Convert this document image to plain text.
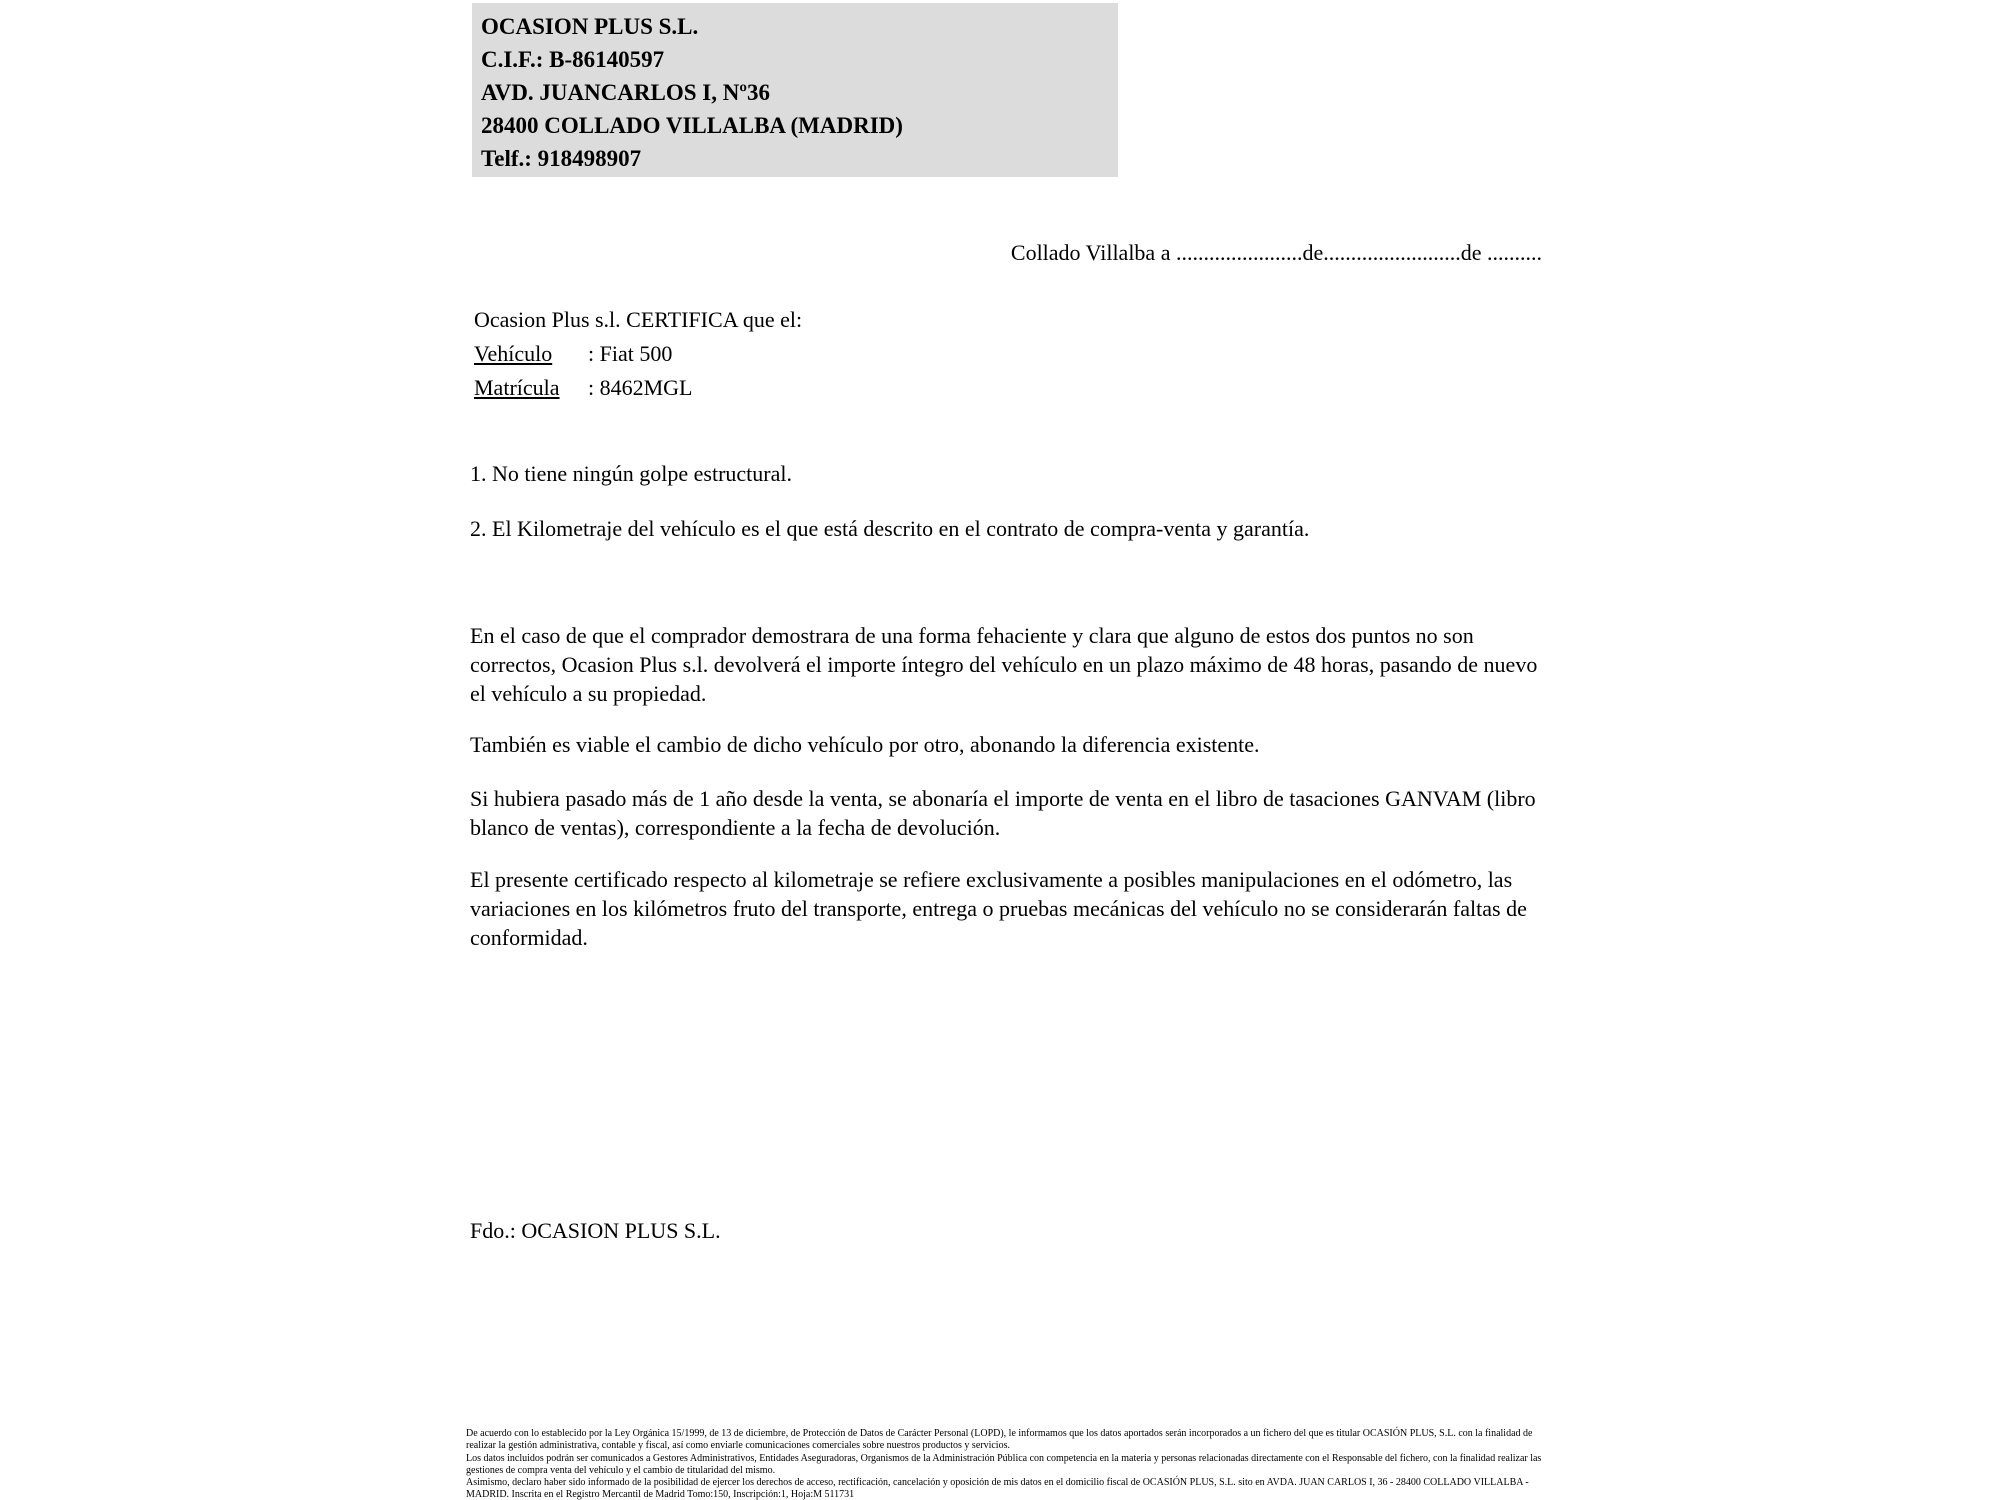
OCASION PLUS S.L.
C.I.F.: B-86140597
AVD. JUANCARLOS I, Nº36
28400 COLLADO VILLALBA (MADRID)
Telf.: 918498907
Collado Villalba a .......................de.........................de ..........
Ocasion Plus s.l. CERTIFICA que el:
Vehículo : Fiat 500
Matrícula : 8462MGL
1. No tiene ningún golpe estructural.
2. El Kilometraje del vehículo es el que está descrito en el contrato de compra-venta y garantía.
En el caso de que el comprador demostrara de una forma fehaciente y clara que alguno de estos dos puntos no son correctos, Ocasion Plus s.l. devolverá el importe íntegro del vehículo en un plazo máximo de 48 horas, pasando de nuevo el vehículo a su propiedad.
También es viable el cambio de dicho vehículo por otro, abonando la diferencia existente.
Si hubiera pasado más de 1 año desde la venta, se abonaría el importe de venta en el libro de tasaciones GANVAM (libro blanco de ventas), correspondiente a la fecha de devolución.
El presente certificado respecto al kilometraje se refiere exclusivamente a posibles manipulaciones en el odómetro, las variaciones en los kilómetros fruto del transporte, entrega o pruebas mecánicas del vehículo no se considerarán faltas de conformidad.
Fdo.: OCASION PLUS S.L.

De acuerdo con lo establecido por la Ley Orgánica 15/1999, de 13 de diciembre, de Protección de Datos de Carácter Personal (LOPD), le informamos que los datos aportados serán incorporados a un fichero del que es titular OCASIÓN PLUS, S.L. con la finalidad de realizar la gestión administrativa, contable y fiscal, así como enviarle comunicaciones comerciales sobre nuestros productos y servicios.

Los datos incluidos podrán ser comunicados a Gestores Administrativos, Entidades Aseguradoras, Organismos de la Administración Pública con competencia en la materia y personas relacionadas directamente con el Responsable del fichero, con la finalidad realizar las gestiones de compra venta del vehículo y el cambio de titularidad del mismo.

Asimismo, declaro haber sido informado de la posibilidad de ejercer los derechos de acceso, rectificación, cancelación y oposición de mis datos en el domicilio fiscal de OCASIÓN PLUS, S.L. sito en AVDA. JUAN CARLOS I, 36 - 28400 COLLADO VILLALBA - MADRID. Inscrita en el Registro Mercantil de Madrid Tomo:150, Inscripción:1, Hoja:M 511731
